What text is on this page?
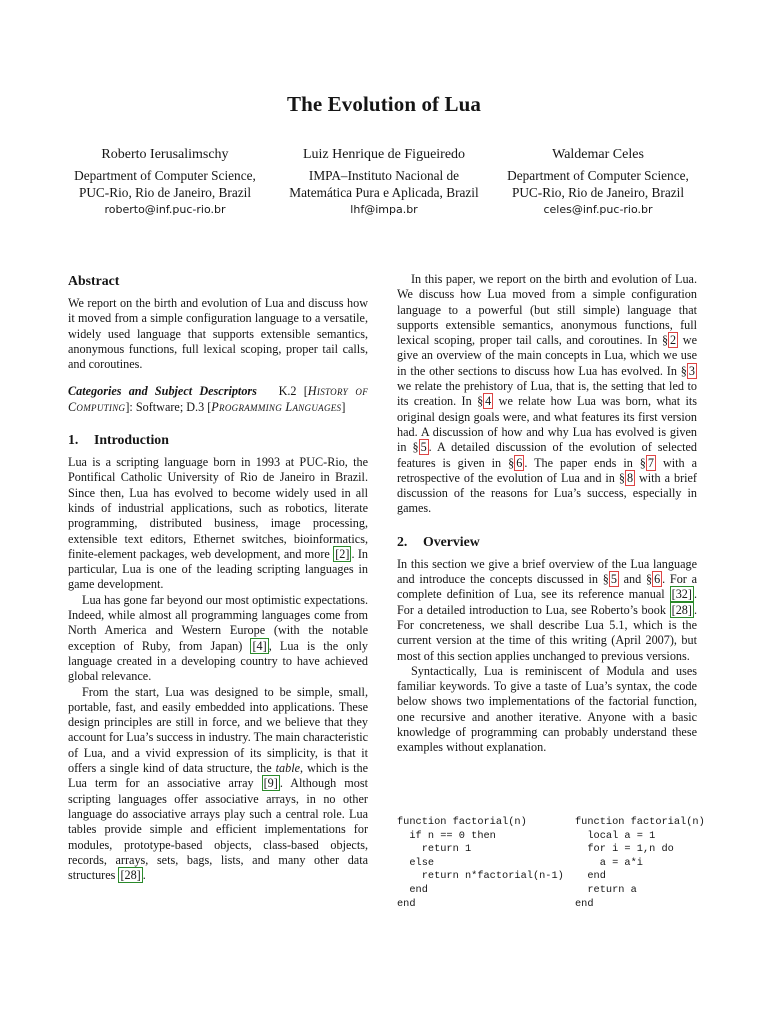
The Evolution of Lua
Roberto Ierusalimschy
Department of Computer Science,
PUC-Rio, Rio de Janeiro, Brazil
roberto@inf.puc-rio.br
Luiz Henrique de Figueiredo
IMPA–Instituto Nacional de
Matemática Pura e Aplicada, Brazil
lhf@impa.br
Waldemar Celes
Department of Computer Science,
PUC-Rio, Rio de Janeiro, Brazil
celes@inf.puc-rio.br
Abstract

We report on the birth and evolution of Lua and discuss how it moved from a simple configuration language to a versatile, widely used language that supports extensible semantics, anonymous functions, full lexical scoping, proper tail calls, and coroutines.

Categories and Subject Descriptors K.2 [History of Computing]: Software; D.3 [Programming Languages]

1. Introduction

Lua is a scripting language born in 1993 at PUC-Rio, the Pontifical Catholic University of Rio de Janeiro in Brazil. Since then, Lua has evolved to become widely used in all kinds of industrial applications, such as robotics, literate programming, distributed business, image processing, extensible text editors, Ethernet switches, bioinformatics, finite-element packages, web development, and more [2] . In particular, Lua is one of the leading scripting languages in game development.

Lua has gone far beyond our most optimistic expectations. Indeed, while almost all programming languages come from North America and Western Europe (with the notable exception of Ruby, from Japan) [4] , Lua is the only language created in a developing country to have achieved global relevance.

From the start, Lua was designed to be simple, small, portable, fast, and easily embedded into applications. These design principles are still in force, and we believe that they account for Lua’s success in industry. The main characteristic of Lua, and a vivid expression of its simplicity, is that it offers a single kind of data structure, the table, which is the Lua term for an associative array [9] . Although most scripting languages offer associative arrays, in no other language do associative arrays play such a central role. Lua tables provide simple and efficient implementations for modules, prototype-based objects, class-based objects, records, arrays, sets, bags, lists, and many other data structures [28] .

In this paper, we report on the birth and evolution of Lua. We discuss how Lua moved from a simple configuration language to a powerful (but still simple) language that supports extensible semantics, anonymous functions, full lexical scoping, proper tail calls, and coroutines. In § 2 we give an overview of the main concepts in Lua, which we use in the other sections to discuss how Lua has evolved. In § 3 we relate the prehistory of Lua, that is, the setting that led to its creation. In § 4 we relate how Lua was born, what its original design goals were, and what features its first version had. A discussion of how and why Lua has evolved is given in § 5 . A detailed discussion of the evolution of selected features is given in § 6 . The paper ends in § 7 with a retrospective of the evolution of Lua and in § 8 with a brief discussion of the reasons for Lua’s success, especially in games.

2. Overview

In this section we give a brief overview of the Lua language and introduce the concepts discussed in § 5 and § 6 . For a complete definition of Lua, see its reference manual [32] . For a detailed introduction to Lua, see Roberto’s book [28] . For concreteness, we shall describe Lua 5.1, which is the current version at the time of this writing (April 2007), but most of this section applies unchanged to previous versions.

Syntactically, Lua is reminiscent of Modula and uses familiar keywords. To give a taste of Lua’s syntax, the code below shows two implementations of the factorial function, one recursive and another iterative. Anyone with a basic knowledge of programming can probably understand these examples without explanation.

function factorial(n)
if n == 0 then
return 1
else
return n*factorial(n-1)
end
end
function factorial(n)
local a = 1
for i = 1,n do
a = a*i
end
return a
end
